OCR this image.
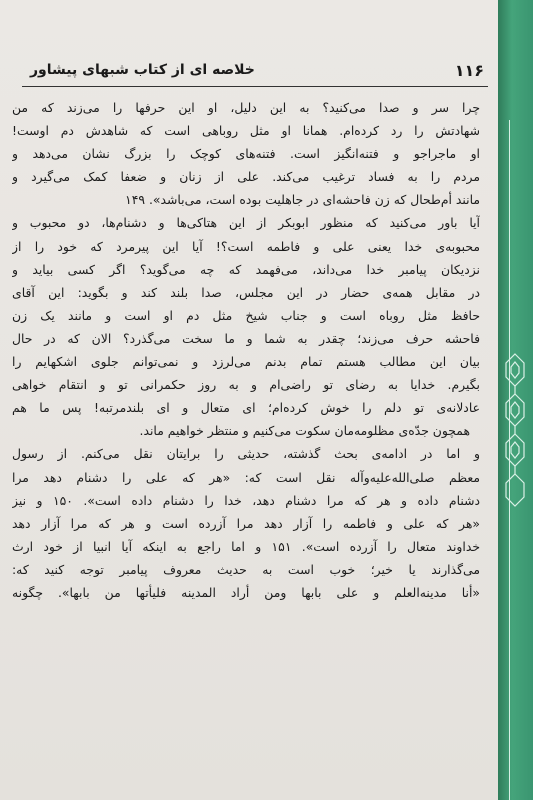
خلاصه ای از کتاب شبهای پیشاور	۱۱۶
چرا سر و صدا می‌کنید؟ به این دلیل، او این حرفها را می‌زند که من
شهادتش را رد کرده‌ام. همانا او مثل روباهی است که شاهدش دم اوست!
او ماجراجو و فتنه‌انگیز است. فتنه‌های کوچک را بزرگ نشان می‌دهد و
مردم را به فساد ترغیب می‌کند. علی از زنان و ضعفا کمک می‌گیرد و
مانند أم‌طحال که زن فاحشه‌ای در جاهلیت بوده است، می‌باشد». ۱۴۹
آیا باور می‌کنید که منظور ابوبکر از این هتاکی‌ها و دشنام‌ها، دو محبوب و
محبوبه‌ی خدا یعنی علی و فاطمه است؟! آیا این پیرمرد که خود را از
نزدیکان پیامبر خدا می‌داند، می‌فهمد که چه می‌گوید؟ اگر کسی بیاید و
در مقابل همه‌ی حضار در این مجلس، صدا بلند کند و بگوید: این آقای
حافظ مثل روباه است و جناب شیخ مثل دم او است و مانند یک زن
فاحشه حرف می‌زند؛ چقدر به شما و ما سخت می‌گذرد؟ الان که در حال
بیان این مطالب هستم تمام بدنم می‌لرزد و نمی‌توانم جلوی اشکهایم را
بگیرم. خدایا به رضای تو راضی‌ام و به روز حکمرانی تو و انتقام خواهی
عادلانه‌ی تو دلم را خوش کرده‌ام؛ ای متعال و ای بلندمرتبه! پس ما هم
همچون جدّه‌ی مظلومه‌مان سکوت می‌کنیم و منتظر خواهیم ماند.
و اما در ادامه‌ی بحث گذشته، حدیثی را برایتان نقل می‌کنم. از رسول
معظم صلی‌الله‌علیه‌وآله نقل است که: «هر که علی را دشنام دهد مرا
دشنام داده و هر که مرا دشنام دهد، خدا را دشنام داده است». ۱۵۰ و نیز
«هر که علی و فاطمه را آزار دهد مرا آزرده است و هر که مرا آزار دهد
خداوند متعال را آزرده است». ۱۵۱ و اما راجع به اینکه آیا انبیا از خود ارث
می‌گذارند یا خیر؛ خوب است به حدیث معروف پیامبر توجه کنید که:
«أنا مدینه‌العلم و علی بابها ومن أراد المدینه فلیأتها من بابها». چگونه
